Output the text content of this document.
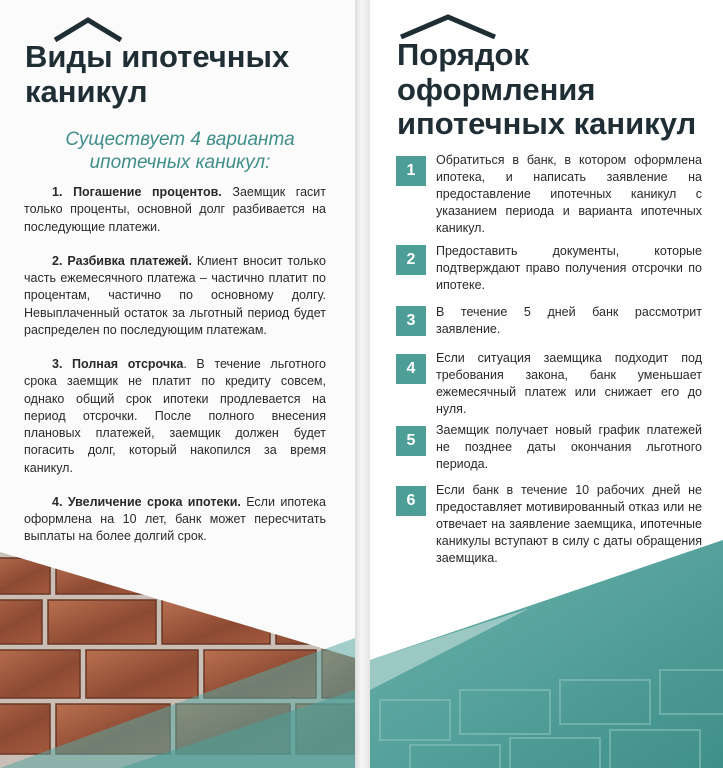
Виды ипотечных
каникул
Существует 4 варианта
ипотечных каникул:

1. Погашение процентов. Заемщик гасит только проценты, основной долг разбивается на последующие платежи.

2. Разбивка платежей. Клиент вносит только часть ежемесячного платежа – частично платит по процентам, частично по основному долгу. Невыплаченный остаток за льготный период будет распределен по последующим платежам.

3. Полная отсрочка. В течение льготного срока заемщик не платит по кредиту совсем, однако общий срок ипотеки продлевается на период отсрочки. После полного внесения плановых платежей, заемщик должен будет погасить долг, который накопился за время каникул.

4. Увеличение срока ипотеки. Если ипотека оформлена на 10 лет, банк может пересчитать выплаты на более долгий срок.

Порядок
оформления
ипотечных каникул
1
Обратиться в банк, в котором оформлена ипотека, и написать заявление на предоставление ипотечных каникул с указанием периода и варианта ипотечных каникул.
2	Предоставить документы, которые подтверждают право получения отсрочки по ипотеке.
3	В течение 5 дней банк рассмотрит заявление.
4
Если ситуация заемщика подходит под требования закона, банк уменьшает ежемесячный платеж или снижает его до нуля.
5
Заемщик получает новый график платежей не позднее даты окончания льготного периода.
6
Если банк в течение 10 рабочих дней не предоставляет мотивированный отказ или не отвечает на заявление заемщика, ипотечные каникулы вступают в силу с даты обращения заемщика.
